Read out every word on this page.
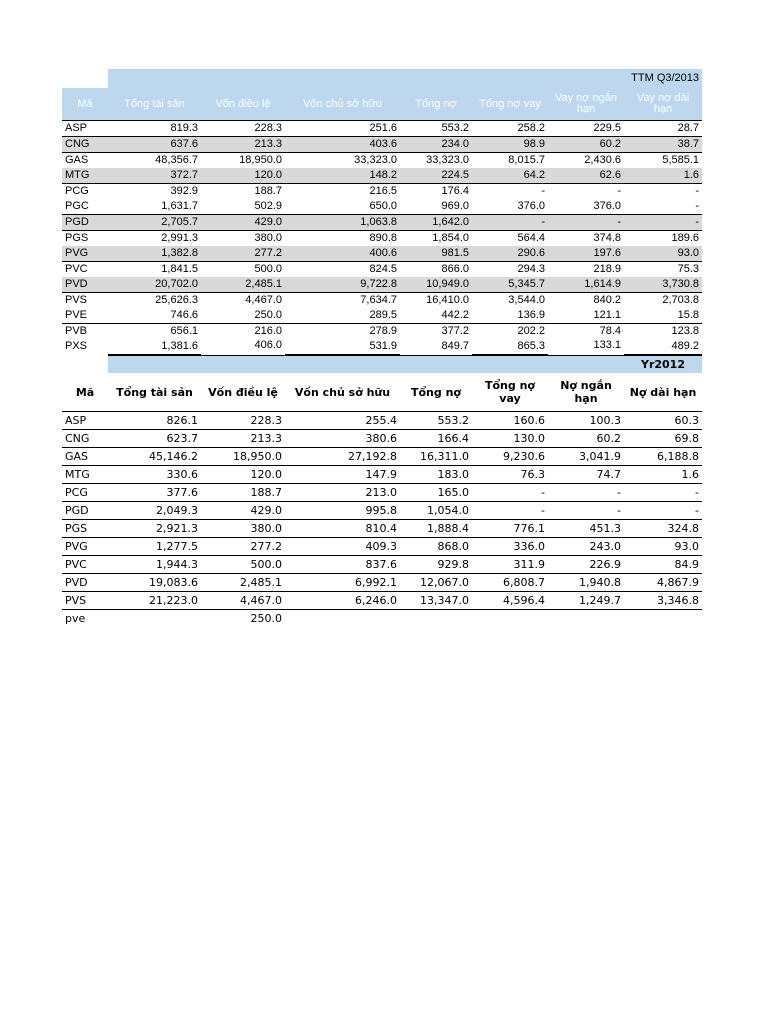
	TTM Q3/2013						
Mã	Tổng tài sản	Vốn điều lệ	Vốn chủ sở hữu	Tổng nợ	Tổng nợ vay	Vay nợ ngắn hạn	Vay nợ dài hạn
ASP	819.3	228.3	251.6	553.2	258.2	229.5	28.7
CNG	637.6	213.3	403.6	234.0	98.9	60.2	38.7
GAS	48,356.7	18,950.0	33,323.0	33,323.0	8,015.7	2,430.6	5,585.1
MTG	372.7	120.0	148.2	224.5	64.2	62.6	1.6
PCG	392.9	188.7	216.5	176.4	-	-	-
PGC	1,631.7	502.9	650.0	969.0	376.0	376.0	-
PGD	2,705.7	429.0	1,063.8	1,642.0	-	-	-
PGS	2,991.3	380.0	890.8	1,854.0	564.4	374.8	189.6
PVG	1,382.8	277.2	400.6	981.5	290.6	197.6	93.0
PVC	1,841.5	500.0	824.5	866.0	294.3	218.9	75.3
PVD	20,702.0	2,485.1	9,722.8	10,949.0	5,345.7	1,614.9	3,730.8
PVS	25,626.3	4,467.0	7,634.7	16,410.0	3,544.0	840.2	2,703.8
PVE	746.6	250.0	289.5	442.2	136.9	121.1	15.8
PVB	656.1	216.0	278.9	377.2	202.2	78.4	123.8
PXS	1,381.6	406.0	531.9	849.7	865.3	133.1	489.2
		Yr2012
Mã	Tổng tài sản	Vốn điều lệ	Vốn chủ sở hữu	Tổng nợ	Tổng nợ vay	Nợ ngắn hạn	Nợ dài hạn
ASP	826.1	228.3	255.4	553.2	160.6	100.3	60.3
CNG	623.7	213.3	380.6	166.4	130.0	60.2	69.8
GAS	45,146.2	18,950.0	27,192.8	16,311.0	9,230.6	3,041.9	6,188.8
MTG	330.6	120.0	147.9	183.0	76.3	74.7	1.6
PCG	377.6	188.7	213.0	165.0	-	-	-
PGD	2,049.3	429.0	995.8	1,054.0	-	-	-
PGS	2,921.3	380.0	810.4	1,888.4	776.1	451.3	324.8
PVG	1,277.5	277.2	409.3	868.0	336.0	243.0	93.0
PVC	1,944.3	500.0	837.6	929.8	311.9	226.9	84.9
PVD	19,083.6	2,485.1	6,992.1	12,067.0	6,808.7	1,940.8	4,867.9
PVS	21,223.0	4,467.0	6,246.0	13,347.0	4,596.4	1,249.7	3,346.8
pve		250.0					
